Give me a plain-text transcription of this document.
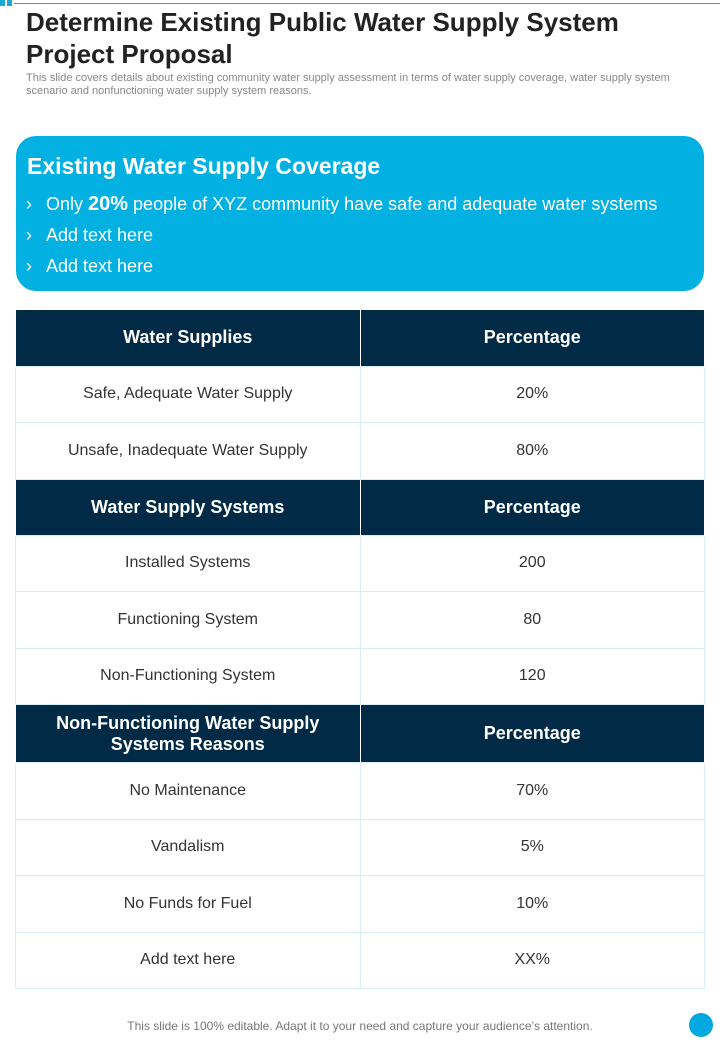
Determine Existing Public Water Supply System Project Proposal
This slide covers details about existing community water supply assessment in terms of water supply coverage, water supply system scenario and nonfunctioning water supply system reasons.
Existing Water Supply Coverage
› Only 20% people of XYZ community have safe and adequate water systems
› Add text here
› Add text here
Water Supplies	Percentage
Safe, Adequate Water Supply	20%
Unsafe, Inadequate Water Supply	80%
Water Supply Systems	Percentage
Installed Systems	200
Functioning System	80
Non-Functioning System	120
Non-Functioning Water Supply Systems Reasons	Percentage
No Maintenance	70%
Vandalism	5%
No Funds for Fuel	10%
Add text here	XX%
This slide is 100% editable. Adapt it to your need and capture your audience’s attention.
